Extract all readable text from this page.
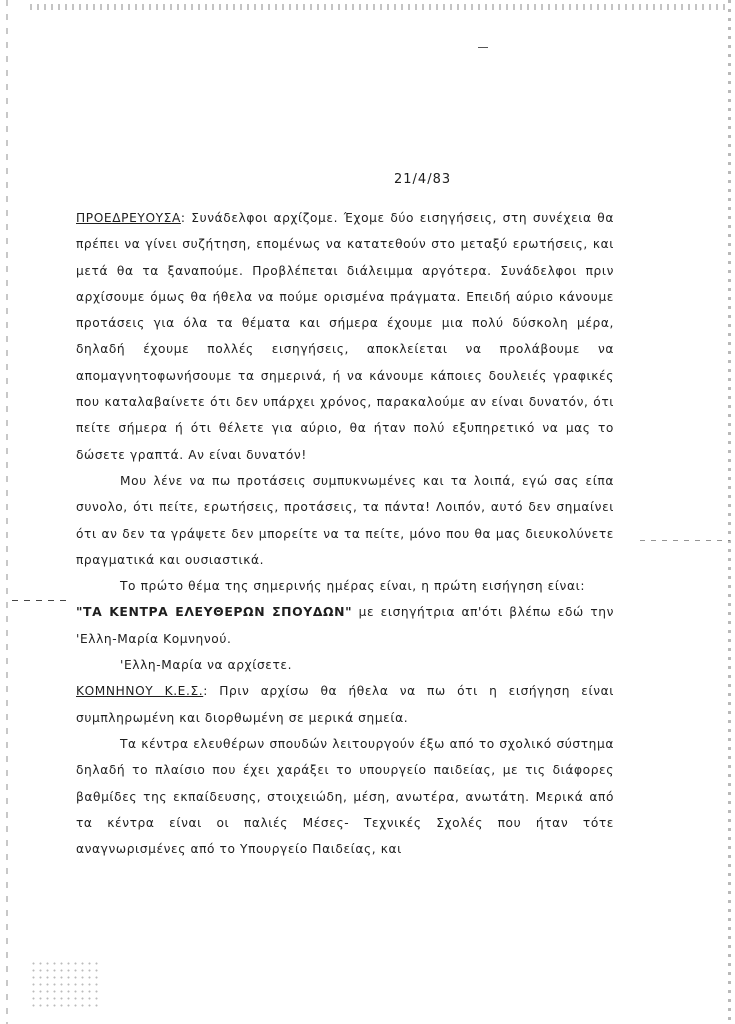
21/4/83

ΠΡΟΕΔΡΕΥΟΥΣΑ: Συνάδελφοι αρχίζομε. Έχομε δύο εισηγήσεις, στη συνέχεια θα πρέπει να γίνει συζήτηση, επομένως να κατατεθούν στο μεταξύ ερωτήσεις, και μετά θα τα ξαναπούμε. Προβλέπεται διάλειμμα αργότερα. Συνάδελφοι πριν αρχίσουμε όμως θα ήθελα να πούμε ορισμένα πράγματα. Επειδή αύριο κάνουμε προτάσεις για όλα τα θέματα και σήμερα έχουμε μια πολύ δύσκολη μέρα, δηλαδή έχουμε πολλές εισηγήσεις, αποκλείεται να προλάβουμε να απομαγνητοφωνήσουμε τα σημερινά, ή να κάνουμε κάποιες δουλειές γραφικές που καταλαβαίνετε ότι δεν υπάρχει χρόνος, παρακαλούμε αν είναι δυνατόν, ότι πείτε σήμερα ή ότι θέλετε για αύριο, θα ήταν πολύ εξυπηρετικό να μας το δώσετε γραπτά. Αν είναι δυνατόν!

Μου λένε να πω προτάσεις συμπυκνωμένες και τα λοιπά, εγώ σας είπα συνολο, ότι πείτε, ερωτήσεις, προτάσεις, τα πάντα! Λοιπόν, αυτό δεν σημαίνει ότι αν δεν τα γράψετε δεν μπορείτε να τα πείτε, μόνο που θα μας διευκολύνετε πραγματικά και ουσιαστικά.

Το πρώτο θέμα της σημερινής ημέρας είναι, η πρώτη εισήγηση είναι:

"ΤΑ ΚΕΝΤΡΑ ΕΛΕΥΘΕΡΩΝ ΣΠΟΥΔΩΝ" με εισηγήτρια απ'ότι βλέπω εδώ την 'Ελλη-Μαρία Κομνηνού.

'Ελλη-Μαρία να αρχίσετε.

ΚΟΜΝΗΝΟΥ Κ.Ε.Σ.: Πριν αρχίσω θα ήθελα να πω ότι η εισήγηση είναι συμπληρωμένη και διορθωμένη σε μερικά σημεία.

Τα κέντρα ελευθέρων σπουδών λειτουργούν έξω από το σχολικό σύστημα δηλαδή το πλαίσιο που έχει χαράξει το υπουργείο παιδείας, με τις διάφορες βαθμίδες της εκπαίδευσης, στοιχειώδη, μέση, ανωτέρα, ανωτάτη. Μερικά από τα κέντρα είναι οι παλιές Μέσες- Τεχνικές Σχολές που ήταν τότε αναγνωρισμένες από το Υπουργείο Παιδείας, και
